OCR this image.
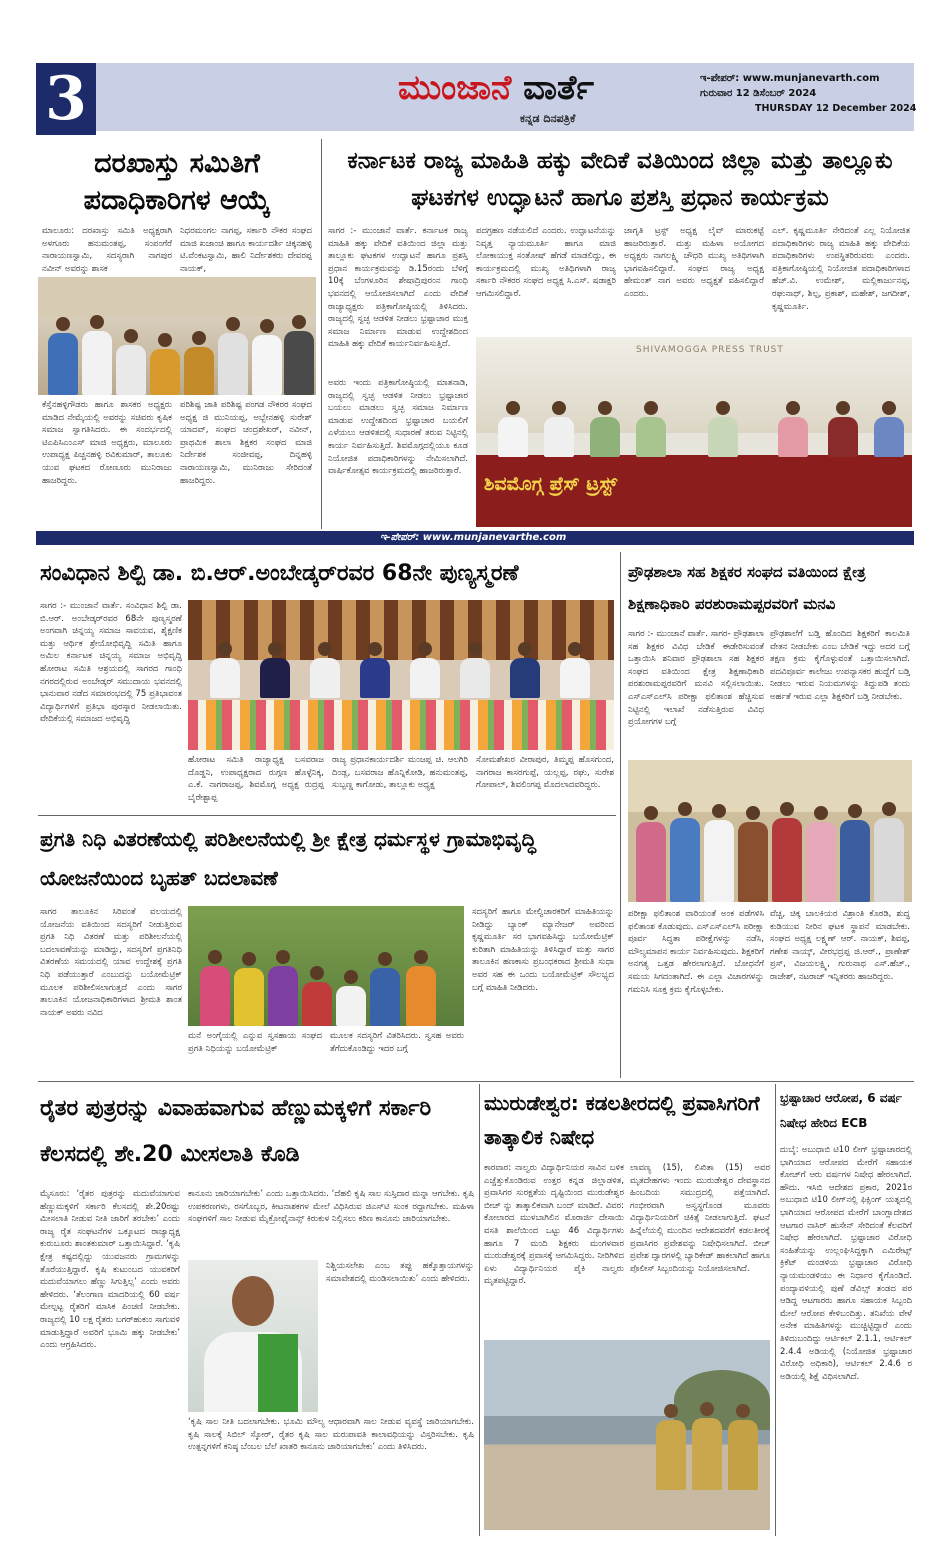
3	ಮುಂಜಾನೆ ವಾರ್ತೆ
ಕನ್ನಡ ದಿನಪತ್ರಿಕೆ
ಇ-ಪೇಪರ್: www.munjanevarth.com
ಗುರುವಾರ 12 ಡಿಸೆಂಬರ್ 2024
THURSDAY 12 December 2024
ದರಖಾಸ್ತು ಸಮಿತಿಗೆ ಪದಾಧಿಕಾರಿಗಳ ಆಯ್ಕೆ
ಮಾಲೂರು: ದರಖಾಸ್ತು ಸಮಿತಿ ಅಧ್ಯಕ್ಷರಾಗಿ ಅಳಗೂರು ಹನುಮಂತಪ್ಪ, ಸಂಪಂಗೆರೆ ನಾರಾಯಣಸ್ವಾಮಿ, ಸದಸ್ಯರಾಗಿ ನಾಗಪುರ ನವೀನ್ ಅವರನ್ನು ಶಾಸಕ
ನಿಧರಮಂಗಲ ನಾಗಪ್ಪ, ಸರ್ಕಾರಿ ನೌಕರ ಸಂಘದ ಮಾಜಿ ಖಜಾಂಚಿ ಹಾಗೂ ಕಾರ್ಯದರ್ಶಿ ಚಿಕ್ಕನಹಳ್ಳಿ ಟಿ.ವೆಂಕಟಸ್ವಾಮಿ, ಹಾಲಿ ನಿರ್ದೇಶಕರು ದೇವರಪ್ಪ ನಾಯಕ್,
ಕೆಸ್ತೆನಹಳ್ಳಿಗೌಡರು ಹಾಗೂ ಶಾಸಕರ ಅಧ್ಯಕ್ಷರು ಮಾಡಿದ ನೇಮ್ಕೆಯಲ್ಲಿ ಅವರನ್ನು ಸಚಿವರು ಕೃಷಿಕ ಸಮಾಜ ಸ್ವಾಗತಿಸಿದರು. ಈ ಸಂದರ್ಭದಲ್ಲಿ ಟಿಎಪಿಸಿಎಂಎಸ್ ಮಾಜಿ ಅಧ್ಯಕ್ಷರು, ಮಾಲೂರು ಉಪಾಧ್ಯಕ್ಷ ಪಿಚ್ಚನಹಳ್ಳಿ ರವಿಕುಮಾರ್, ತಾಲೂಕು ಯುವ ಘಟಕದ ರೋಣೂರು ಮುನಿರಾಜು ಹಾಜರಿದ್ದರು.
ಪರಿಶಿಷ್ಟ ಜಾತಿ ಪರಿಶಿಷ್ಟ ಪಂಗಡ ನೌಕರರ ಸಂಘದ ಅಧ್ಯಕ್ಷ ಜಿ ಮುನಿಯಪ್ಪ, ಅಬ್ಬೇನಹಳ್ಳಿ ಸುರೇಶ್ ಯಾದವ್, ಸಂಘದ ಚಂದ್ರಶೇಖರ್, ನವೀನ್, ಪ್ರಾಥಮಿಕ ಶಾಲಾ ಶಿಕ್ಷಕರ ಸಂಘದ ಮಾಜಿ ನಿರ್ದೇಶಕ ಸಂಜೀವಪ್ಪ, ದಿನ್ನಹಳ್ಳಿ ನಾರಾಯಣಸ್ವಾಮಿ, ಮುನಿರಾಜು ಸೇರಿದಂತೆ ಹಾಜರಿದ್ದರು.
ಕರ್ನಾಟಕ ರಾಜ್ಯ ಮಾಹಿತಿ ಹಕ್ಕು ವೇದಿಕೆ ವತಿಯಿಂದ ಜಿಲ್ಲಾ ಮತ್ತು ತಾಲ್ಲೂಕು ಘಟಕಗಳ ಉದ್ಘಾಟನೆ ಹಾಗೂ ಪ್ರಶಸ್ತಿ ಪ್ರಧಾನ ಕಾರ್ಯಕ್ರಮ
ಸಾಗರ :- ಮುಂಜಾನೆ ವಾರ್ತೆ. ಕರ್ನಾಟಕ ರಾಜ್ಯ ಮಾಹಿತಿ ಹಕ್ಕು ವೇದಿಕೆ ವತಿಯಿಂದ ಜಿಲ್ಲಾ ಮತ್ತು ತಾಲ್ಲೂಕು ಘಟಕಗಳ ಉದ್ಘಾಟನೆ ಹಾಗೂ ಪ್ರಶಸ್ತಿ ಪ್ರಧಾನ ಕಾರ್ಯಕ್ರಮವನ್ನು ಡಿ.15ರಂದು ಬೆಳಿಗ್ಗೆ 10ಕ್ಕೆ ಬೆಂಗಳೂರಿನ ಶೇಷಾದ್ರಿಪುರಂನ ಗಾಂಧಿ ಭವನದಲ್ಲಿ ಆಯೋಜಿಸಲಾಗಿದೆ ಎಂದು ವೇದಿಕೆ ರಾಜ್ಯಾಧ್ಯಕ್ಷರು ಪತ್ರಿಕಾಗೋಷ್ಠಿಯಲ್ಲಿ ತಿಳಿಸಿದರು. ರಾಜ್ಯದಲ್ಲಿ ಸ್ವಚ್ಛ ಆಡಳಿತ ನೀಡಲು ಭ್ರಷ್ಟಾಚಾರ ಮುಕ್ತ ಸಮಾಜ ನಿರ್ಮಾಣ ಮಾಡುವ ಉದ್ದೇಶದಿಂದ ಮಾಹಿತಿ ಹಕ್ಕು ವೇದಿಕೆ ಕಾರ್ಯನಿರ್ವಹಿಸುತ್ತಿದೆ.
ಪದಗ್ರಹಣ ನಡೆಯಲಿದೆ ಎಂದರು. ಉದ್ಘಾಟನೆಯನ್ನು ನಿವೃತ್ತ ನ್ಯಾಯಮೂರ್ತಿ ಹಾಗೂ ಮಾಜಿ ಲೋಕಾಯುಕ್ತ ಸಂತೋಷ್ ಹೆಗಡೆ ಮಾಡಲಿದ್ದು, ಈ ಕಾರ್ಯಕ್ರಮದಲ್ಲಿ ಮುಖ್ಯ ಅತಿಥಿಗಳಾಗಿ ರಾಜ್ಯ ಸರ್ಕಾರಿ ನೌಕರರ ಸಂಘದ ಅಧ್ಯಕ್ಷ ಸಿ.ಎಸ್. ಷಡಾಕ್ಷರಿ ಆಗಮಿಸಲಿದ್ದಾರೆ.
ಜಾಗೃತಿ ಟ್ರಸ್ಟ್ ಅಧ್ಯಕ್ಷ ಲೈವ್ ಮಾರುಕಟ್ಟೆ ಹಾಜರಿರುತ್ತಾರೆ. ಮತ್ತು ಮಹಿಳಾ ಅಯೋಗದ ಅಧ್ಯಕ್ಷರು ನಾಗಲಕ್ಷ್ಮಿ ಚೌಧರಿ ಮುಖ್ಯ ಅತಿಥಿಗಳಾಗಿ ಭಾಗವಹಿಸಲಿದ್ದಾರೆ. ಸಂಘದ ರಾಜ್ಯ ಅಧ್ಯಕ್ಷ ಹೇಮಂತ್ ನಾಗ ಅವರು ಅಧ್ಯಕ್ಷತೆ ವಹಿಸಲಿದ್ದಾರೆ ಎಂದರು.
ಎಲ್. ಕೃಷ್ಣಮೂರ್ತಿ ನೇರಿದಂತೆ ಎಲ್ಲ ನಿಯೋಜಿತ ಪದಾಧಿಕಾರಿಗಳು ರಾಜ್ಯ ಮಾಹಿತಿ ಹಕ್ಕು ವೇದಿಕೆಯ ಪದಾಧಿಕಾರಿಗಳು ಉಪಸ್ಥಿತರಿರುವರು ಎಂದರು. ಪತ್ರಿಕಾಗೋಷ್ಠಿಯಲ್ಲಿ ನಿಯೋಜಿತ ಪದಾಧಿಕಾರಿಗಳಾದ ಹೆಚ್.ವಿ. ಉಮೇಶ್, ಮಲ್ಲಿಕಾರ್ಜುನಪ್ಪ, ರಘುನಾಥ್, ಶಿಲ್ಪ, ಪ್ರಕಾಶ್, ಮಹೇಶ್, ಜಗದೀಶ್, ಕೃಷ್ಣಮೂರ್ತಿ.
ಅವರು ಇಂದು ಪತ್ರಿಕಾಗೋಷ್ಠಿಯಲ್ಲಿ ಮಾತನಾಡಿ, ರಾಜ್ಯದಲ್ಲಿ ಸ್ವಚ್ಛ ಆಡಳಿತ ನೀಡಲು ಭ್ರಷ್ಟಾಚಾರ ಬಯಲು ಮಾಡಲು ಸ್ವಚ್ಛ ಸಮಾಜ ನಿರ್ಮಾಣ ಮಾಡುವ ಉದ್ದೇಶದಿಂದ ಭ್ರಷ್ಟಾಚಾರ ಬಯಲಿಗೆ ಎಳೆಯಲು ಆಡಳಿತದಲ್ಲಿ ಸುಧಾರಣೆ ತರುವ ನಿಟ್ಟಿನಲ್ಲಿ ಕಾರ್ಯ ನಿರ್ವಹಿಸುತ್ತಿದೆ. ಶಿವಮೊಗ್ಗದಲ್ಲಿಯೂ ಕೂಡ ನಿಯೋಜಿತ ಪದಾಧಿಕಾರಿಗಳನ್ನು ನೇಮಿಸಲಾಗಿದೆ. ವಾರ್ಷಿಕೋತ್ಸವ ಕಾರ್ಯಕ್ರಮದಲ್ಲಿ ಹಾಜರಿರುತ್ತಾರೆ.
SHIVAMOGGA PRESS TRUST
ಶಿವಮೊಗ್ಗ ಪ್ರೆಸ್ ಟ್ರಸ್ಟ್
ಇ-ಪೇಪರ್: www.munjanevarthe.com
ಸಂವಿಧಾನ ಶಿಲ್ಪಿ ಡಾ. ಬಿ.ಆರ್.ಅಂಬೇಡ್ಕರ್‌ರವರ 68ನೇ ಪುಣ್ಯಸ್ಮರಣೆ
ಸಾಗರ :- ಮುಂಜಾನೆ ವಾರ್ತೆ. ಸಂವಿಧಾನ ಶಿಲ್ಪಿ ಡಾ. ಬಿ.ಆರ್. ಅಂಬೇಡ್ಕರ್‌ರವರ 68ನೇ ಪುಣ್ಯಸ್ಮರಣೆ ಅಂಗವಾಗಿ ಚಿನ್ನಯ್ಯ ಸಮಾಜ ಸಾವಯವ, ಶೈಕ್ಷಣಿಕ ಮತ್ತು ಆರ್ಥಿಕ ಶ್ರೇಯೋಭಿವೃದ್ಧಿ ಸಮಿತಿ ಹಾಗೂ ಅಮಿಲ ಕರ್ನಾಟಕ ಚಿನ್ನಯ್ಯ ಸಮಾಜ ಅಭಿವೃದ್ಧಿ ಹೋರಾಟ ಸಮಿತಿ ಆಶ್ರಯದಲ್ಲಿ ಸಾಗರದ ಗಾಂಧಿ ನಗರದಲ್ಲಿರುವ ಅಂಬೇಡ್ಕರ್ ಸಮುದಾಯ ಭವನದಲ್ಲಿ ಭಾನುವಾರ ನಡೆದ ಸಮಾರಂಭದಲ್ಲಿ 75 ಪ್ರತಿಭಾವಂತ ವಿದ್ಯಾರ್ಥಿಗಳಿಗೆ ಪ್ರತಿಭಾ ಪುರಸ್ಕಾರ ನೀಡಲಾಯಿತು. ವೇದಿಕೆಯಲ್ಲಿ ಸಮಾಜದ ಅಭಿವೃದ್ಧಿ
ಹೋರಾಟ ಸಮಿತಿ ರಾಜ್ಯಾಧ್ಯಕ್ಷ ಬಸವರಾಜ ದೊಡ್ಡನಿ, ಉಪಾಧ್ಯಕ್ಷರಾದ ರುಗ್ಗಣ ಹೊಳ್ಳೆನಿಕ್ಕ, ಎ.ಕೆ. ನಾಗರಾಜಪ್ಪ, ಶಿವಮೊಗ್ಗ ಅಧ್ಯಕ್ಷ ರುದ್ರಪ್ಪ ಬೈರೇಶ್ಟಾಪ್ಪ
ರಾಜ್ಯ ಪ್ರಧಾನಕಾರ್ಯದರ್ಶಿ ಮಂಜಪ್ಪ ಚಿ. ಆಲಗಿರಿ ದಿಂಡ್ಲ, ಬಸವರಾಜ ಹೊನ್ನಿಕೋಡಿ, ಹನುಮಂತಪ್ಪ, ಸುಬ್ಬಣ್ಣ ಕಾಗೋಡು, ತಾಲ್ಲೂಕು ಅಧ್ಯಕ್ಷ
ಸೋಮಶೇಖರ ವೀರಾಪುರ, ತಿಮ್ಮಪ್ಪ ಹೊಸಗುಂದ, ನಾಗರಾಜ ಕಾಸರಗುಪ್ಪೆ, ಯಲ್ಲಪ್ಪ, ರಘು, ಸುರೇಶ ಗೋಪಾಲ್, ಶಿವಲಿಂಗಪ್ಪ ಮೊದಲಾದವರಿದ್ದರು.
ಪ್ರೌಢಶಾಲಾ ಸಹ ಶಿಕ್ಷಕರ ಸಂಘದ ವತಿಯಿಂದ ಕ್ಷೇತ್ರ ಶಿಕ್ಷಣಾಧಿಕಾರಿ ಪರಶುರಾಮಪ್ಪರವರಿಗೆ ಮನವಿ
ಸಾಗರ :- ಮುಂಜಾನೆ ವಾರ್ತೆ. ಸಾಗರ- ಪ್ರೌಢಶಾಲಾ ಸಹ ಶಿಕ್ಷಕರ ವಿವಿಧ ಬೇಡಿಕೆ ಈಡೇರಿಸುವಂತೆ ಒತ್ತಾಯಿಸಿ ಶನಿವಾರ ಪ್ರೌಢಶಾಲಾ ಸಹ ಶಿಕ್ಷಕರ ಸಂಘದ ವತಿಯಿಂದ ಕ್ಷೇತ್ರ ಶಿಕ್ಷಣಾಧಿಕಾರಿ ಪರಶುರಾಮಪ್ಪರವರಿಗೆ ಮನವಿ ಸಲ್ಲಿಸಲಾಯಿತು. ಎಸ್‌ಎಸ್‌ಎಲ್‌ಸಿ ಪರೀಕ್ಷಾ ಫಲಿತಾಂಶ ಹೆಚ್ಚಿಸುವ ನಿಟ್ಟಿನಲ್ಲಿ ಇಲಾಖೆ ನಡೆಸುತ್ತಿರುವ ವಿವಿಧ ಪ್ರಯೋಗಗಳ ಬಗ್ಗೆ
ಪ್ರೌಢಶಾಲೆಗೆ ಬಡ್ತಿ ಹೊಂದಿದ ಶಿಕ್ಷಕರಿಗೆ ಕಾಲಮಿತಿ ವೇತನ ನೀಡಬೇಕು ಎಂಬ ಬೇಡಿಕೆ ಇದ್ದು ಅದರ ಬಗ್ಗೆ ತಕ್ಷಣ ಕ್ರಮ ಕೈಗೊಳ್ಳುವಂತೆ ಒತ್ತಾಯಿಸಲಾಗಿದೆ. ಪದವಿಪೂರ್ವ ಕಾಲೇಜು ಉಪನ್ಯಾಸಕರ ಹುದ್ದೆಗೆ ಬಡ್ತಿ ನೀಡಲು ಇರುವ ನಿಯಮಗಳನ್ನು ತಿದ್ದುಪಡಿ ತಂದು ಅರ್ಹತೆ ಇರುವ ಎಲ್ಲಾ ಶಿಕ್ಷಕರಿಗೆ ಬಡ್ತಿ ನೀಡಬೇಕು.
ಪರೀಕ್ಷಾ ಫಲಿತಾಂಶ ವಾರಿಯಂತೆ ಅಂಕ ಪಡೆಗಳಿಸಿ ಫಲಿತಾಂಶ ಕೊಡುವುದು. ಎಸ್‌ಎಸ್‌ಎಲ್‌ಸಿ ಪರೀಕ್ಷಾ ಪೂರ್ವ ಸಿದ್ಧತಾ ಪರೀಕ್ಷೆಗಳನ್ನು ನಡೆಸಿ, ಮೌಲ್ಯಮಾಪನ ಕಾರ್ಯ ನಿರ್ವಹಿಸುವುದು. ಶಿಕ್ಷಕರಿಗೆ ಅನಗತ್ಯ ಒತ್ತಡ ಹೇರಲಾಗುತ್ತಿದೆ. ಬೋಧನೆಗೆ ಸಮಯ ಸಿಗದಂತಾಗಿದೆ. ಈ ಎಲ್ಲಾ ವಿಚಾರಗಳನ್ನು ಗಮನಿಸಿ ಸೂಕ್ತ ಕ್ರಮ ಕೈಗೊಳ್ಳಬೇಕು.
ವೆಚ್ಚ, ಚಿಕ್ಕ ಬಾಲಕಿಯರ ವಿಶ್ರಾಂತಿ ಕೊಠಡಿ, ಶುದ್ಧ ಕುಡಿಯುವ ನೀರಿನ ಘಟಕ ಸ್ಥಾಪನೆ ಮಾಡಬೇಕು. ಸಂಘದ ಅಧ್ಯಕ್ಷ ಲಕ್ಷ್ಮಣ್ ಆರ್. ನಾಯಕ್, ಶಿವಪ್ಪ, ಗಣೇಶ ನಾಯ್ಕ್, ವೀರಭದ್ರಪ್ಪ ಜಿ.ಆರ್., ಪ್ರಾಣೇಶ್ ಪ್ರಸ್, ವಿಜಯಲಕ್ಷ್ಮಿ, ಗುರುನಾಥ ಎಸ್.ಹೆಚ್., ರಾಜೇಶ್, ನಟರಾಜ್ ಇನ್ನಿತರರು ಹಾಜರಿದ್ದರು.
ಪ್ರಗತಿ ನಿಧಿ ವಿತರಣೆಯಲ್ಲಿ ಪರಿಶೀಲನೆಯಲ್ಲಿ ಶ್ರೀ ಕ್ಷೇತ್ರ ಧರ್ಮಸ್ಥಳ ಗ್ರಾಮಾಭಿವೃದ್ಧಿ ಯೋಜನೆಯಿಂದ ಬೃಹತ್ ಬದಲಾವಣೆ
ಸಾಗರ ತಾಲೂಕಿನ ಸಿರಿವಂತೆ ವಲಯದಲ್ಲಿ ಯೋಜನೆಯ ವತಿಯಿಂದ ಸದಸ್ಯರಿಗೆ ನೀಡುತ್ತಿರುವ ಪ್ರಗತಿ ನಿಧಿ ವಿತರಣೆ ಮತ್ತು ಪರಿಶೀಲನೆಯಲ್ಲಿ ಬದಲಾವಣೆಯನ್ನು ಮಾಡಿದ್ದು, ಸದಸ್ಯರಿಗೆ ಪ್ರಗತಿನಿಧಿ ವಿತರಣೆಯ ಸಮಯದಲ್ಲಿ ಯಾವ ಉದ್ದೇಶಕ್ಕೆ ಪ್ರಗತಿ ನಿಧಿ ಪಡೆಯುತ್ತಾರೆ ಎಂಬುದನ್ನು ಬಯೋಮೆಟ್ರಿಕ್ ಮೂಲಕ ಪರಿಶೀಲಿಸಲಾಗುತ್ತದೆ ಎಂದು ಸಾಗರ ತಾಲೂಕಿನ ಯೋಜನಾಧಿಕಾರಿಗಳಾದ ಶ್ರೀಮತಿ ಶಾಂತ ನಾಯಕ್ ಅವರು ನವಿದ
ಮನೆ ಅಂಗೈಯಲ್ಲಿ ಎನ್ನುವ ಸ್ವಸಹಾಯ ಸಂಘದ ಪ್ರಗತಿ ನಿಧಿಯನ್ನು ಬಯೋಮೆಟ್ರಿಕ್
ಮೂಲಕ ಸದಸ್ಯರಿಗೆ ವಿತರಿಸಿದರು. ಸ್ವಸಹ ಅವರು ತೆಗೆದುಕೊಂಡಿದ್ದು ಇದರ ಬಗ್ಗೆ
ಸದಸ್ಯರಿಗೆ ಹಾಗೂ ಮೇಲ್ವಿಚಾರಕರಿಗೆ ಮಾಹಿತಿಯನ್ನು ನೀಡಿದ್ದು ಬ್ಯಾಂಕ್ ಮ್ಯಾನೇಜರ್ ಅವರಿಂದ ಕೃಷ್ಣಮೂರ್ತಿ ಸರ ಭಾಗವಹಿಸಿದ್ದು ಬಯೋಮೆಟ್ರಿಕ್ ಕುರಿತಾಗಿ ಮಾಹಿತಿಯನ್ನು ತಿಳಿಸಿದ್ದಾರೆ ಮತ್ತು ಸಾಗರ ತಾಲೂಕಿನ ಹಣಕಾಸು ಪ್ರಬಂಧಕರಾದ ಶ್ರೀಮತಿ ಸುಧಾ ಅವರ ಸಹ ಈ ಒಂದು ಬಯೋಮೆಟ್ರಿಕ್ ಸೌಲಭ್ಯದ ಬಗ್ಗೆ ಮಾಹಿತಿ ನೀಡಿದರು.
ರೈತರ ಪುತ್ರರನ್ನು ವಿವಾಹವಾಗುವ ಹೆಣ್ಣುಮಕ್ಕಳಿಗೆ ಸರ್ಕಾರಿ ಕೆಲಸದಲ್ಲಿ ಶೇ.20 ಮೀಸಲಾತಿ ಕೊಡಿ
ಮೈಸೂರು: ‘ರೈತರ ಪುತ್ರರನ್ನು ಮದುವೆಯಾಗುವ ಹೆಣ್ಣುಮಕ್ಕಳಿಗೆ ಸರ್ಕಾರಿ ಕೆಲಸದಲ್ಲಿ ಶೇ.20ರಷ್ಟು ಮೀಸಲಾತಿ ನೀಡುವ ನೀತಿ ಜಾರಿಗೆ ತರಬೇಕು’ ಎಂದು ರಾಜ್ಯ ರೈತ ಸಂಘಟನೆಗಳ ಒಕ್ಕೂಟದ ರಾಜ್ಯಾಧ್ಯಕ್ಷ ಕುರುಬೂರು ಶಾಂತಕುಮಾರ್ ಒತ್ತಾಯಿಸಿದ್ದಾರೆ. ‘ಕೃಷಿ ಕ್ಷೇತ್ರ ಕಷ್ಟದಲ್ಲಿದ್ದು ಯುವಜನರು ಗ್ರಾಮಗಳನ್ನು ತೊರೆಯುತ್ತಿದ್ದಾರೆ. ಕೃಷಿ ಕುಟುಂಬದ ಯುವಕರಿಗೆ ಮದುವೆಯಾಗಲು ಹೆಣ್ಣು ಸಿಗುತ್ತಿಲ್ಲ’ ಎಂದು ಅವರು ಹೇಳಿದರು. ‘ತೆಲಂಗಾಣ ಮಾದರಿಯಲ್ಲಿ 60 ವರ್ಷ ಮೇಲ್ಪಟ್ಟ ರೈತರಿಗೆ ಮಾಸಿಕ ಪಿಂಚಣಿ ನೀಡಬೇಕು. ರಾಜ್ಯದಲ್ಲಿ 10 ಲಕ್ಷ ರೈತರು ಬಗರ್‌ಹುಕುಂ ಸಾಗುವಳಿ ಮಾಡುತ್ತಿದ್ದಾರೆ ಅವರಿಗೆ ಭೂಮಿ ಹಕ್ಕು ನೀಡಬೇಕು’ ಎಂದು ಆಗ್ರಹಿಸಿದರು.
ಕಾನೂನು ಜಾರಿಯಾಗಬೇಕು’ ಎಂದು ಒತ್ತಾಯಿಸಿದರು. ‘ದೆಹಲಿ ಕೃಷಿ ಸಾಲ ಸುಸ್ತಿದಾರ ಮನ್ನಾ ಆಗಬೇಕು. ಕೃಷಿ ಉಪಕರಣಗಳು, ರಸಗೊಬ್ಬರ, ಕೀಟನಾಶಕಗಳ ಮೇಲೆ ವಿಧಿಸಿರುವ ಜಿಎಸ್‌ಟಿ ಸುಂಕ ರದ್ದಾಗಬೇಕು. ಮಹಿಳಾ ಸಂಘಗಳಿಗೆ ಸಾಲ ನೀಡುವ ಮೈಕ್ರೋಫೈನಾನ್ಸ್ ಕಿರುಕುಳ ನಿಲ್ಲಿಸಲು ಕಠಿಣ ಕಾನೂನು ಜಾರಿಯಾಗಬೇಕು.
ನಿಶ್ಚಿಯಸಲೇಖ ಎಂಬ ತಪ್ಪು ಹಕ್ಕೊತ್ತಾಯಗಳನ್ನು ಸಮಾವೇಶದಲ್ಲಿ ಮಂಡಿಸಲಾಯಿತು’ ಎಂದು ಹೇಳಿದರು.
‘ಕೃಷಿ ಸಾಲ ನೀತಿ ಬದಲಾಗಬೇಕು. ಭೂಮಿ ಮೌಲ್ಯ ಆಧಾರವಾಗಿ ಸಾಲ ನೀಡುವ ವ್ಯವಸ್ಥೆ ಜಾರಿಯಾಗಬೇಕು. ಕೃಷಿ ಸಾಲಕ್ಕೆ ಸಿಬಿಲ್ ಸ್ಕೋರ್, ರೈತರ ಕೃಷಿ ಸಾಲ ಮರುಪಾವತಿ ಕಾಲಾವಧಿಯನ್ನು ವಿಸ್ತರಿಸಬೇಕು. ಕೃಷಿ ಉತ್ಪನ್ನಗಳಿಗೆ ಕನಿಷ್ಠ ಬೆಂಬಲ ಬೆಲೆ ಖಾತರಿ ಕಾನೂನು ಜಾರಿಯಾಗಬೇಕು’ ಎಂದು ತಿಳಿಸಿದರು.
ಮುರುಡೇಶ್ವರ: ಕಡಲತೀರದಲ್ಲಿ ಪ್ರವಾಸಿಗರಿಗೆ ತಾತ್ಕಾಲಿಕ ನಿಷೇಧ
ಕಾರವಾರ: ನಾಲ್ವರು ವಿದ್ಯಾರ್ಥಿನಿಯರ ಸಾವಿನ ಬಳಿಕ ಎಚ್ಚೆತ್ತುಕೊಂಡಿರುವ ಉತ್ತರ ಕನ್ನಡ ಜಿಲ್ಲಾಡಳಿತ, ಪ್ರವಾಸಿಗರ ಸುರಕ್ಷತೆಯ ದೃಷ್ಟಿಯಿಂದ ಮುರುಡೇಶ್ವರ ಬೀಚ್ ನ್ನು ತಾತ್ಕಾಲಿಕವಾಗಿ ಬಂದ್ ಮಾಡಿದೆ. ವಿವರ: ಕೋಲಾರದ ಮುಳಬಾಗಿಲಿನ ಮೊರಾರ್ಜಿ ದೇಸಾಯಿ ವಸತಿ ಶಾಲೆಯಿಂದ ಒಟ್ಟು 46 ವಿದ್ಯಾರ್ಥಿಗಳು ಹಾಗೂ 7 ಮಂದಿ ಶಿಕ್ಷಕರು ಮಂಗಳವಾರ ಮುರುಡೇಶ್ವರಕ್ಕೆ ಪ್ರವಾಸಕ್ಕೆ ಆಗಮಿಸಿದ್ದರು. ನೀರಿಗಿಳಿದ ಏಳು ವಿದ್ಯಾರ್ಥಿನಿಯರ ಪೈಕಿ ನಾಲ್ವರು ಮೃತಪಟ್ಟಿದ್ದಾರೆ.
ಲಾವಣ್ಯ (15), ಲಿಖಿತಾ (15) ಅವರ ಮೃತದೇಹಗಳು ಇಂದು ಮುರುಡೇಶ್ವರ ದೇವಸ್ಥಾನದ ಹಿಂಬದಿಯ ಸಮುದ್ರದಲ್ಲಿ ಪತ್ತೆಯಾಗಿದೆ. ಗಂಭೀರವಾಗಿ ಅಸ್ವಸ್ಥಗೊಂಡ ಮೂವರು ವಿದ್ಯಾರ್ಥಿನಿಯರಿಗೆ ಚಿಕಿತ್ಸೆ ನೀಡಲಾಗುತ್ತಿದೆ. ಘಟನೆ ಹಿನ್ನೆಲೆಯಲ್ಲಿ ಮುಂದಿನ ಆದೇಶದವರೆಗೆ ಕಡಲತೀರಕ್ಕೆ ಪ್ರವಾಸಿಗರ ಪ್ರವೇಶವನ್ನು ನಿಷೇಧಿಸಲಾಗಿದೆ. ಬೀಚ್ ಪ್ರವೇಶ ದ್ವಾರಗಳಲ್ಲಿ ಬ್ಯಾರಿಕೇಡ್ ಹಾಕಲಾಗಿದೆ ಹಾಗೂ ಪೊಲೀಸ್ ಸಿಬ್ಬಂದಿಯನ್ನು ನಿಯೋಜಿಸಲಾಗಿದೆ.
ಭ್ರಷ್ಟಾಚಾರ ಆರೋಪ, 6 ವರ್ಷ ನಿಷೇಧ ಹೇರಿದ ECB
ದುಬೈ: ಅಬುಧಾಬಿ ಟಿ10 ಲೀಗ್ ಭ್ರಷ್ಟಾಚಾರದಲ್ಲಿ ಭಾಗಿಯಾದ ಆರೋಪದ ಮೇರೆಗೆ ಸಹಾಯಕ ಕೋಚ್‌ಗೆ ಆರು ವರ್ಷಗಳ ನಿಷೇಧ ಹೇರಲಾಗಿದೆ. ಹೌದು. ಇಸಿಬಿ ಆದೇಶದ ಪ್ರಕಾರ, 2021ರ ಅಬುಧಾಬಿ ಟಿ10 ಲೀಗ್‌ನಲ್ಲಿ ಫಿಕ್ಸಿಂಗ್ ಯತ್ನದಲ್ಲಿ ಭಾಗಿಯಾದ ಆರೋಪದ ಮೇರೆಗೆ ಬಾಂಗ್ಲಾದೇಶದ ಆಟಗಾರ ನಾಸಿರ್ ಹುಸೇನ್ ಸೇರಿದಂತೆ ಕೆಲವರಿಗೆ ನಿಷೇಧ ಹೇರಲಾಗಿದೆ. ಭ್ರಷ್ಟಾಚಾರ ವಿರೋಧಿ ಸಂಹಿತೆಯನ್ನು ಉಲ್ಲಂಘಿಸಿದ್ದಕ್ಕಾಗಿ ಎಮಿರೇಟ್ಸ್ ಕ್ರಿಕೆಟ್ ಮಂಡಳಿಯ ಭ್ರಷ್ಟಾಚಾರ ವಿರೋಧಿ ನ್ಯಾಯಮಂಡಳಿಯು ಈ ನಿರ್ಧಾರ ಕೈಗೊಂಡಿದೆ. ಪಂದ್ಯಾವಳಿಯಲ್ಲಿ ಪುಣೆ ಡೆವಿಲ್ಸ್ ತಂಡದ ಪರ ಆಡಿದ್ದ ಆಟಗಾರರು ಹಾಗೂ ಸಹಾಯಕ ಸಿಬ್ಬಂದಿ ಮೇಲೆ ಆರೋಪ ಕೇಳಿಬಂದಿತ್ತು. ತನಿಖೆಯ ವೇಳೆ ಅನೇಕ ಮಾಹಿತಿಗಳನ್ನು ಮುಚ್ಚಿಟ್ಟಿದ್ದಾರೆ ಎಂದು ತಿಳಿದುಬಂದಿದ್ದು ಆರ್ಟಿಕಲ್ 2.1.1, ಆರ್ಟಿಕಲ್ 2.4.4 ಅಡಿಯಲ್ಲಿ (ನಿಯೋಜಿತ ಭ್ರಷ್ಟಾಚಾರ ವಿರೋಧಿ ಅಧಿಕಾರಿ), ಆರ್ಟಿಕಲ್ 2.4.6 ರ ಅಡಿಯಲ್ಲಿ ಶಿಕ್ಷೆ ವಿಧಿಸಲಾಗಿದೆ.
